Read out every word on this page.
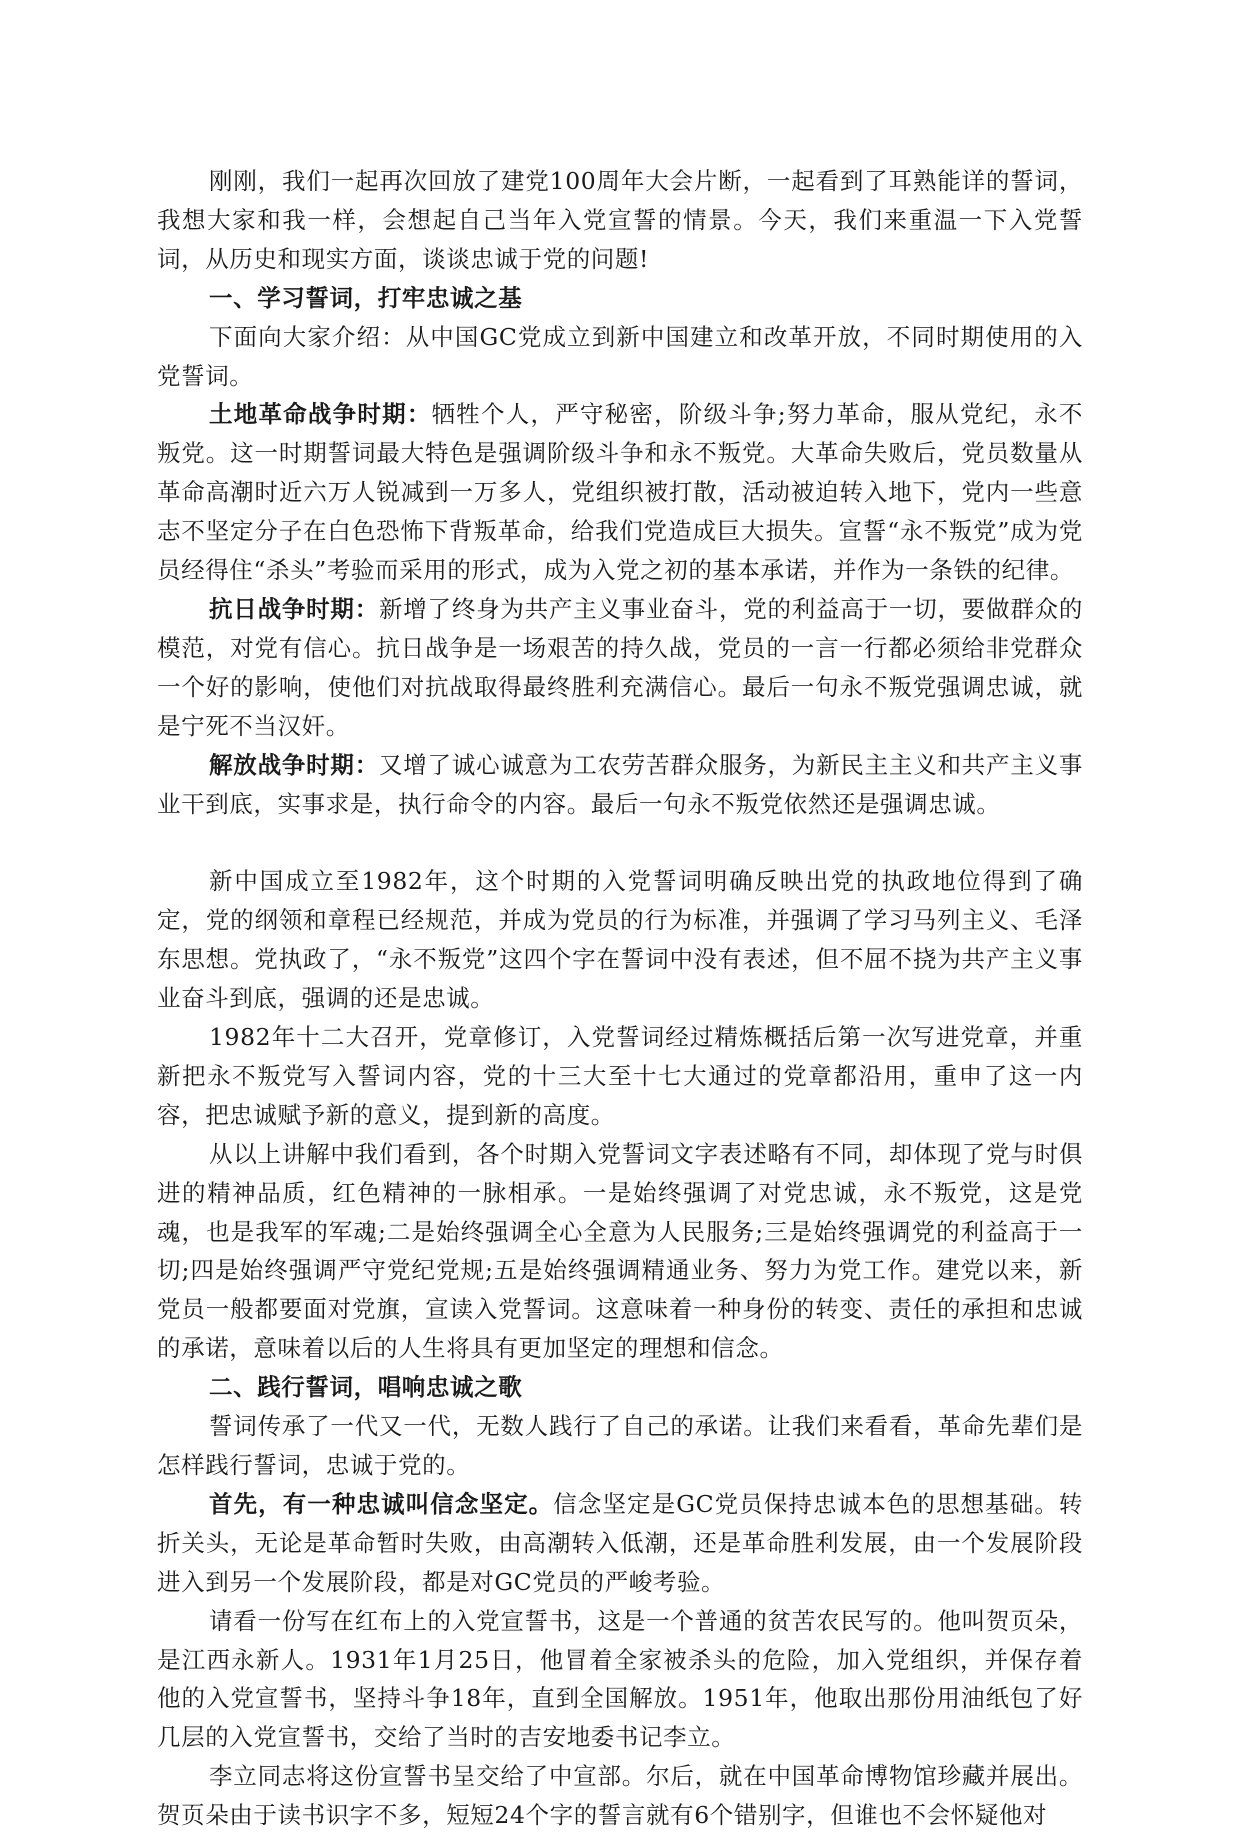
刚刚，我们一起再次回放了建党100周年大会片断，一起看到了耳熟能详的誓词，我想大家和我一样，会想起自己当年入党宣誓的情景。今天，我们来重温一下入党誓词，从历史和现实方面，谈谈忠诚于党的问题!

一、学习誓词，打牢忠诚之基

下面向大家介绍：从中国GC党成立到新中国建立和改革开放，不同时期使用的入党誓词。

土地革命战争时期：牺牲个人，严守秘密，阶级斗争;努力革命，服从党纪，永不叛党。这一时期誓词最大特色是强调阶级斗争和永不叛党。大革命失败后，党员数量从革命高潮时近六万人锐减到一万多人，党组织被打散，活动被迫转入地下，党内一些意志不坚定分子在白色恐怖下背叛革命，给我们党造成巨大损失。宣誓“永不叛党”成为党员经得住“杀头”考验而采用的形式，成为入党之初的基本承诺，并作为一条铁的纪律。

抗日战争时期：新增了终身为共产主义事业奋斗，党的利益高于一切，要做群众的模范，对党有信心。抗日战争是一场艰苦的持久战，党员的一言一行都必须给非党群众一个好的影响，使他们对抗战取得最终胜利充满信心。最后一句永不叛党强调忠诚，就是宁死不当汉奸。

解放战争时期：又增了诚心诚意为工农劳苦群众服务，为新民主主义和共产主义事业干到底，实事求是，执行命令的内容。最后一句永不叛党依然还是强调忠诚。

新中国成立至1982年，这个时期的入党誓词明确反映出党的执政地位得到了确定，党的纲领和章程已经规范，并成为党员的行为标准，并强调了学习马列主义、毛泽东思想。党执政了，“永不叛党”这四个字在誓词中没有表述，但不屈不挠为共产主义事业奋斗到底，强调的还是忠诚。

1982年十二大召开，党章修订，入党誓词经过精炼概括后第一次写进党章，并重新把永不叛党写入誓词内容，党的十三大至十七大通过的党章都沿用，重申了这一内容，把忠诚赋予新的意义，提到新的高度。

从以上讲解中我们看到，各个时期入党誓词文字表述略有不同，却体现了党与时俱进的精神品质，红色精神的一脉相承。一是始终强调了对党忠诚，永不叛党，这是党魂，也是我军的军魂;二是始终强调全心全意为人民服务;三是始终强调党的利益高于一切;四是始终强调严守党纪党规;五是始终强调精通业务、努力为党工作。建党以来，新党员一般都要面对党旗，宣读入党誓词。这意味着一种身份的转变、责任的承担和忠诚的承诺，意味着以后的人生将具有更加坚定的理想和信念。

二、践行誓词，唱响忠诚之歌

誓词传承了一代又一代，无数人践行了自己的承诺。让我们来看看，革命先辈们是怎样践行誓词，忠诚于党的。

首先，有一种忠诚叫信念坚定。信念坚定是GC党员保持忠诚本色的思想基础。转折关头，无论是革命暂时失败，由高潮转入低潮，还是革命胜利发展，由一个发展阶段进入到另一个发展阶段，都是对GC党员的严峻考验。

请看一份写在红布上的入党宣誓书，这是一个普通的贫苦农民写的。他叫贺页朵，是江西永新人。1931年1月25日，他冒着全家被杀头的危险，加入党组织，并保存着他的入党宣誓书，坚持斗争18年，直到全国解放。1951年，他取出那份用油纸包了好几层的入党宣誓书，交给了当时的吉安地委书记李立。

李立同志将这份宣誓书呈交给了中宣部。尔后，就在中国革命博物馆珍藏并展出。贺页朵由于读书识字不多，短短24个字的誓言就有6个错别字，但谁也不会怀疑他对
